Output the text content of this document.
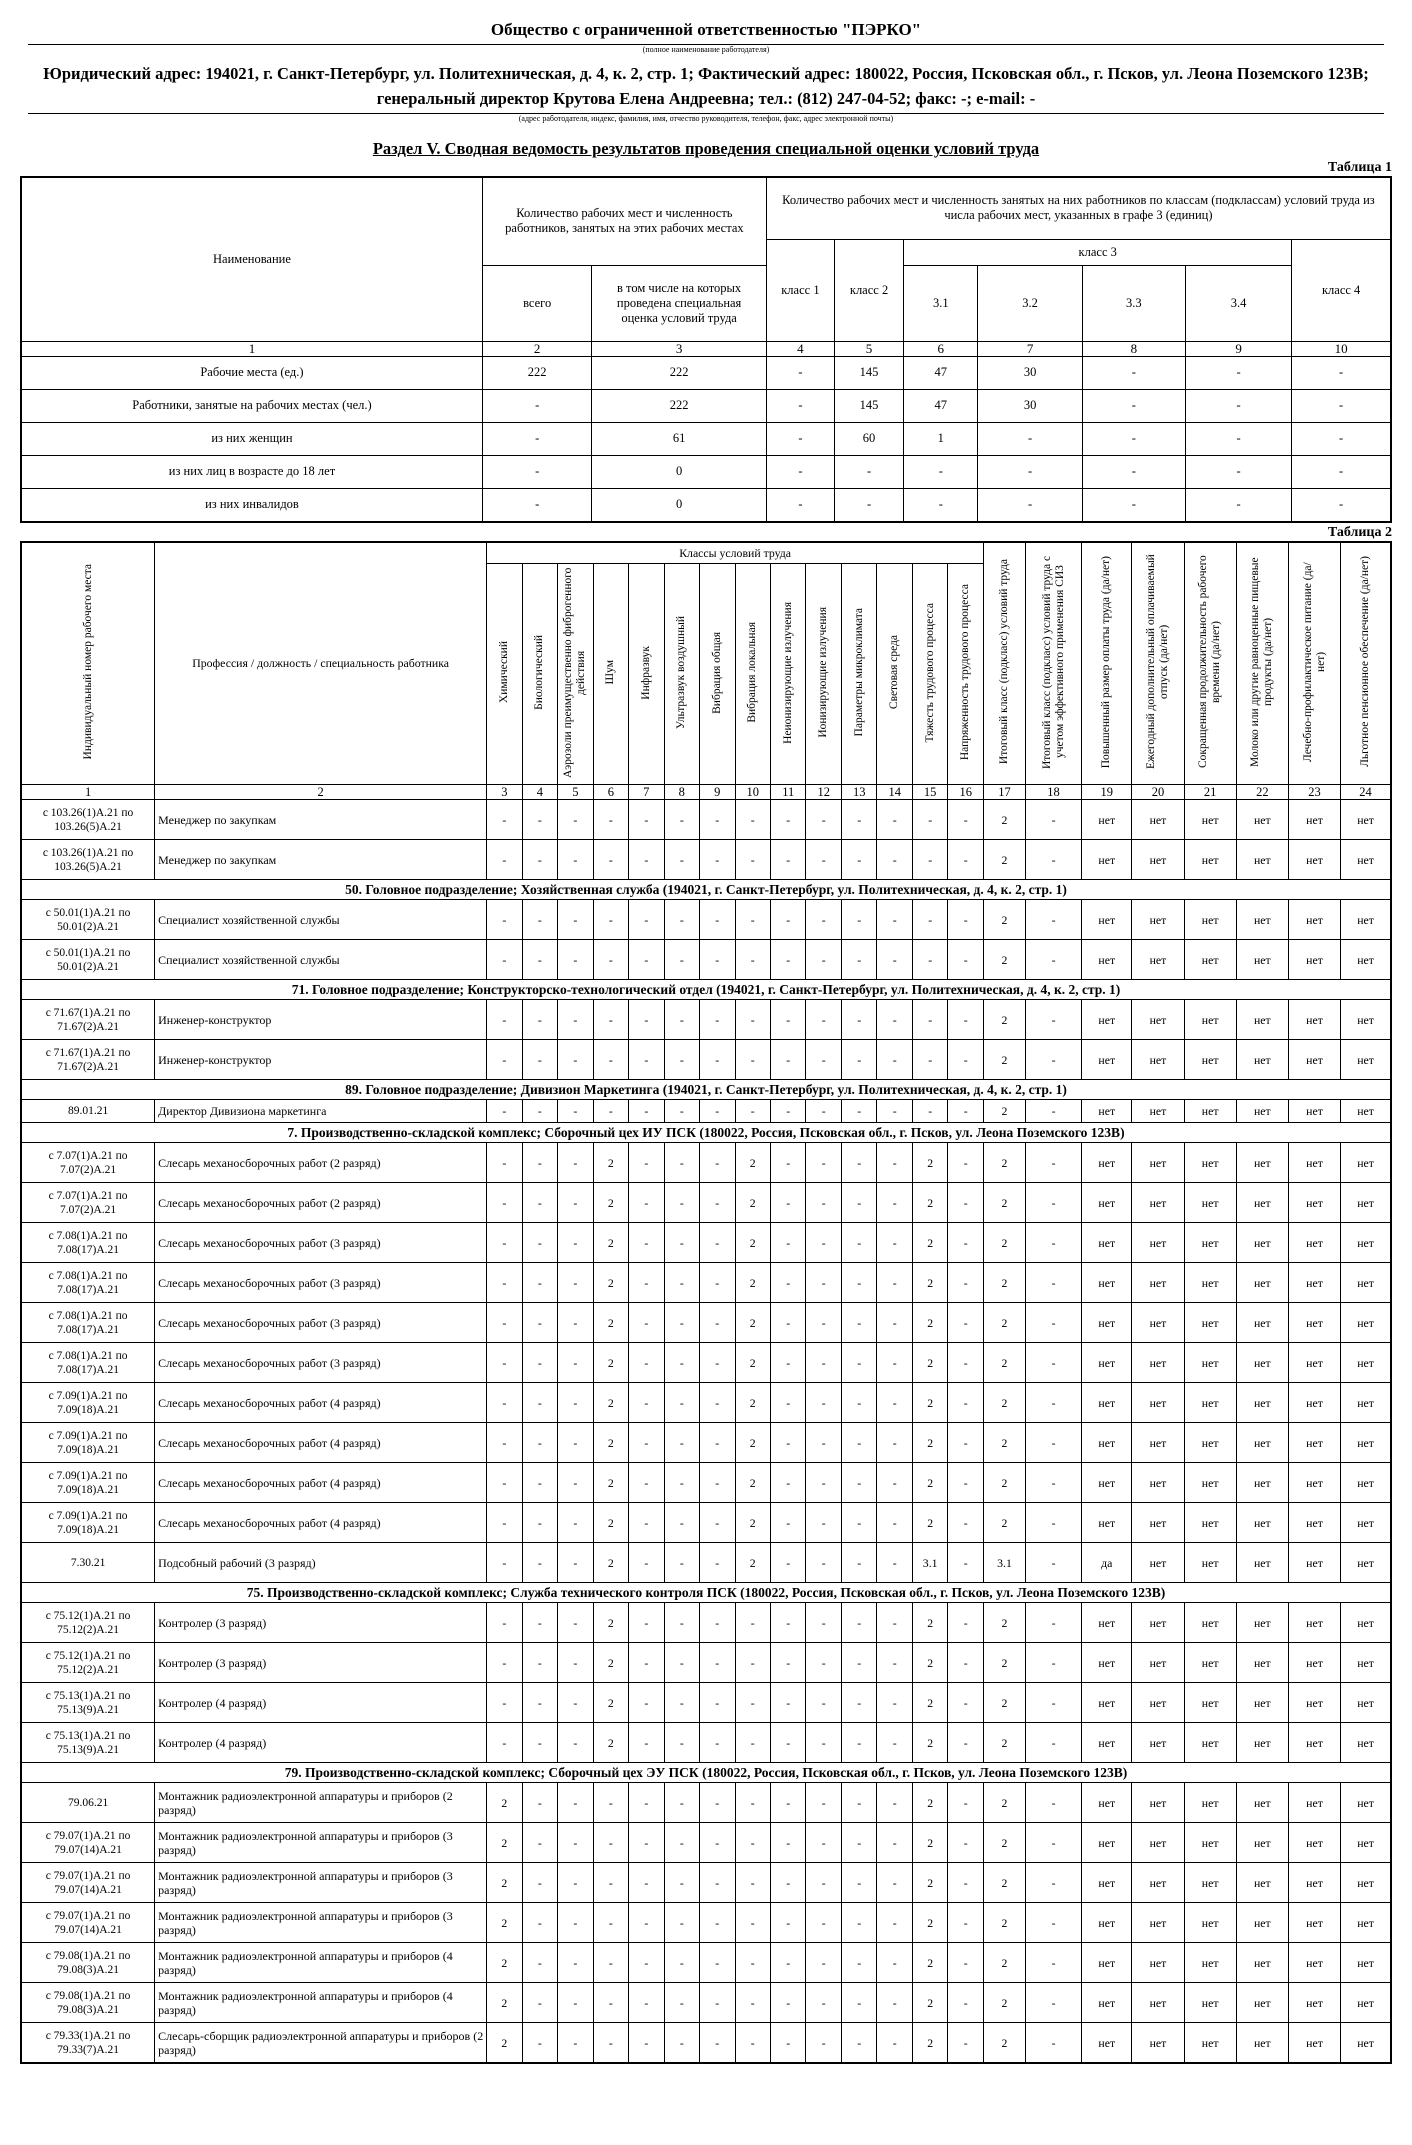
Общество с ограниченной ответственностью "ПЭРКО"
(полное наименование работодателя)
Юридический адрес: 194021, г. Санкт-Петербург, ул. Политехническая, д. 4, к. 2, стр. 1; Фактический адрес: 180022, Россия, Псковская обл., г. Псков, ул. Леона Поземского 123В; генеральный директор Крутова Елена Андреевна; тел.: (812) 247-04-52; факс: -; e-mail: -
(адрес работодателя, индекс, фамилия, имя, отчество руководителя, телефон, факс, адрес электронной почты)
Раздел V. Сводная ведомость результатов проведения специальной оценки условий труда
Таблица 1
Наименование	Количество рабочих мест и численность работников, занятых на этих рабочих местах		Количество рабочих мест и численность занятых на них работников по классам (подклассам) условий труда из числа рабочих мест, указанных в графе 3 (единиц)						
			класс 1	класс 2	класс 3				класс 4
	всего	в том числе на которых проведена специальная оценка условий труда			3.1	3.2	3.3	3.4	
1	2	3	4	5	6	7	8	9	10
Рабочие места (ед.)	222	222	-	145	47	30	-	-	-
Работники, занятые на рабочих местах (чел.)	-	222	-	145	47	30	-	-	-
из них женщин	-	61	-	60	1	-	-	-	-
из них лиц в возрасте до 18 лет	-	0	-	-	-	-	-	-	-
из них инвалидов	-	0	-	-	-	-	-	-	-
Таблица 2
Индивидуальный номер рабочего места	Профессия / должность / специальность работника	Классы условий труда														Итоговый класс (подкласс) условий труда	Итоговый класс (подкласс) условий труда с учетом эффективного применения СИЗ	Повышенный размер оплаты труда (да/нет)	Ежегодный дополнительный оплачиваемый отпуск (да/нет)	Сокращенная продолжительность рабочего времени (да/нет)	Молоко или другие равноценные пищевые продукты (да/нет)	Лечебно-профилактическое питание (да/нет)	Льготное пенсионное обеспечение (да/нет)
		Химический	Биологический	Аэрозоли преимущественно фиброгенного действия	Шум	Инфразвук	Ультразвук воздушный	Вибрация общая	Вибрация локальная	Неионизирующие излучения	Ионизирующие излучения	Параметры микроклимата	Световая среда	Тяжесть трудового процесса	Напряженность трудового процесса								
1	2	3	4	5	6	7	8	9	10	11	12	13	14	15	16	17	18	19	20	21	22	23	24
с 103.26(1)А.21 по 103.26(5)А.21	Менеджер по закупкам	-	-	-	-	-	-	-	-	-	-	-	-	-	-	2	-	нет	нет	нет	нет	нет	нет
с 103.26(1)А.21 по 103.26(5)А.21	Менеджер по закупкам	-	-	-	-	-	-	-	-	-	-	-	-	-	-	2	-	нет	нет	нет	нет	нет	нет
50. Головное подразделение; Хозяйственная служба (194021, г. Санкт-Петербург, ул. Политехническая, д. 4, к. 2, стр. 1)																							
с 50.01(1)А.21 по 50.01(2)А.21	Специалист хозяйственной службы	-	-	-	-	-	-	-	-	-	-	-	-	-	-	2	-	нет	нет	нет	нет	нет	нет
с 50.01(1)А.21 по 50.01(2)А.21	Специалист хозяйственной службы	-	-	-	-	-	-	-	-	-	-	-	-	-	-	2	-	нет	нет	нет	нет	нет	нет
71. Головное подразделение; Конструкторско-технологический отдел (194021, г. Санкт-Петербург, ул. Политехническая, д. 4, к. 2, стр. 1)																							
с 71.67(1)А.21 по 71.67(2)А.21	Инженер-конструктор	-	-	-	-	-	-	-	-	-	-	-	-	-	-	2	-	нет	нет	нет	нет	нет	нет
с 71.67(1)А.21 по 71.67(2)А.21	Инженер-конструктор	-	-	-	-	-	-	-	-	-	-	-	-	-	-	2	-	нет	нет	нет	нет	нет	нет
89. Головное подразделение; Дивизион Маркетинга (194021, г. Санкт-Петербург, ул. Политехническая, д. 4, к. 2, стр. 1)																							
89.01.21	Директор Дивизиона маркетинга	-	-	-	-	-	-	-	-	-	-	-	-	-	-	2	-	нет	нет	нет	нет	нет	нет
7. Производственно-складской комплекс; Сборочный цех ИУ ПСК (180022, Россия, Псковская обл., г. Псков, ул. Леона Поземского 123В)																							
с 7.07(1)А.21 по 7.07(2)А.21	Слесарь механосборочных работ (2 разряд)	-	-	-	2	-	-	-	2	-	-	-	-	2	-	2	-	нет	нет	нет	нет	нет	нет
с 7.07(1)А.21 по 7.07(2)А.21	Слесарь механосборочных работ (2 разряд)	-	-	-	2	-	-	-	2	-	-	-	-	2	-	2	-	нет	нет	нет	нет	нет	нет
с 7.08(1)А.21 по 7.08(17)А.21	Слесарь механосборочных работ (3 разряд)	-	-	-	2	-	-	-	2	-	-	-	-	2	-	2	-	нет	нет	нет	нет	нет	нет
с 7.08(1)А.21 по 7.08(17)А.21	Слесарь механосборочных работ (3 разряд)	-	-	-	2	-	-	-	2	-	-	-	-	2	-	2	-	нет	нет	нет	нет	нет	нет
с 7.08(1)А.21 по 7.08(17)А.21	Слесарь механосборочных работ (3 разряд)	-	-	-	2	-	-	-	2	-	-	-	-	2	-	2	-	нет	нет	нет	нет	нет	нет
с 7.08(1)А.21 по 7.08(17)А.21	Слесарь механосборочных работ (3 разряд)	-	-	-	2	-	-	-	2	-	-	-	-	2	-	2	-	нет	нет	нет	нет	нет	нет
с 7.09(1)А.21 по 7.09(18)А.21	Слесарь механосборочных работ (4 разряд)	-	-	-	2	-	-	-	2	-	-	-	-	2	-	2	-	нет	нет	нет	нет	нет	нет
с 7.09(1)А.21 по 7.09(18)А.21	Слесарь механосборочных работ (4 разряд)	-	-	-	2	-	-	-	2	-	-	-	-	2	-	2	-	нет	нет	нет	нет	нет	нет
с 7.09(1)А.21 по 7.09(18)А.21	Слесарь механосборочных работ (4 разряд)	-	-	-	2	-	-	-	2	-	-	-	-	2	-	2	-	нет	нет	нет	нет	нет	нет
с 7.09(1)А.21 по 7.09(18)А.21	Слесарь механосборочных работ (4 разряд)	-	-	-	2	-	-	-	2	-	-	-	-	2	-	2	-	нет	нет	нет	нет	нет	нет
7.30.21	Подсобный рабочий (3 разряд)	-	-	-	2	-	-	-	2	-	-	-	-	3.1	-	3.1	-	да	нет	нет	нет	нет	нет
75. Производственно-складской комплекс; Служба технического контроля ПСК (180022, Россия, Псковская обл., г. Псков, ул. Леона Поземского 123В)																							
с 75.12(1)А.21 по 75.12(2)А.21	Контролер (3 разряд)	-	-	-	2	-	-	-	-	-	-	-	-	2	-	2	-	нет	нет	нет	нет	нет	нет
с 75.12(1)А.21 по 75.12(2)А.21	Контролер (3 разряд)	-	-	-	2	-	-	-	-	-	-	-	-	2	-	2	-	нет	нет	нет	нет	нет	нет
с 75.13(1)А.21 по 75.13(9)А.21	Контролер (4 разряд)	-	-	-	2	-	-	-	-	-	-	-	-	2	-	2	-	нет	нет	нет	нет	нет	нет
с 75.13(1)А.21 по 75.13(9)А.21	Контролер (4 разряд)	-	-	-	2	-	-	-	-	-	-	-	-	2	-	2	-	нет	нет	нет	нет	нет	нет
79. Производственно-складской комплекс; Сборочный цех ЭУ ПСК (180022, Россия, Псковская обл., г. Псков, ул. Леона Поземского 123В)																							
79.06.21	Монтажник радиоэлектронной аппаратуры и приборов (2 разряд)	2	-	-	-	-	-	-	-	-	-	-	-	2	-	2	-	нет	нет	нет	нет	нет	нет
с 79.07(1)А.21 по 79.07(14)А.21	Монтажник радиоэлектронной аппаратуры и приборов (3 разряд)	2	-	-	-	-	-	-	-	-	-	-	-	2	-	2	-	нет	нет	нет	нет	нет	нет
с 79.07(1)А.21 по 79.07(14)А.21	Монтажник радиоэлектронной аппаратуры и приборов (3 разряд)	2	-	-	-	-	-	-	-	-	-	-	-	2	-	2	-	нет	нет	нет	нет	нет	нет
с 79.07(1)А.21 по 79.07(14)А.21	Монтажник радиоэлектронной аппаратуры и приборов (3 разряд)	2	-	-	-	-	-	-	-	-	-	-	-	2	-	2	-	нет	нет	нет	нет	нет	нет
с 79.08(1)А.21 по 79.08(3)А.21	Монтажник радиоэлектронной аппаратуры и приборов (4 разряд)	2	-	-	-	-	-	-	-	-	-	-	-	2	-	2	-	нет	нет	нет	нет	нет	нет
с 79.08(1)А.21 по 79.08(3)А.21	Монтажник радиоэлектронной аппаратуры и приборов (4 разряд)	2	-	-	-	-	-	-	-	-	-	-	-	2	-	2	-	нет	нет	нет	нет	нет	нет
с 79.33(1)А.21 по 79.33(7)А.21	Слесарь-сборщик радиоэлектронной аппаратуры и приборов (2 разряд)	2	-	-	-	-	-	-	-	-	-	-	-	2	-	2	-	нет	нет	нет	нет	нет	нет
